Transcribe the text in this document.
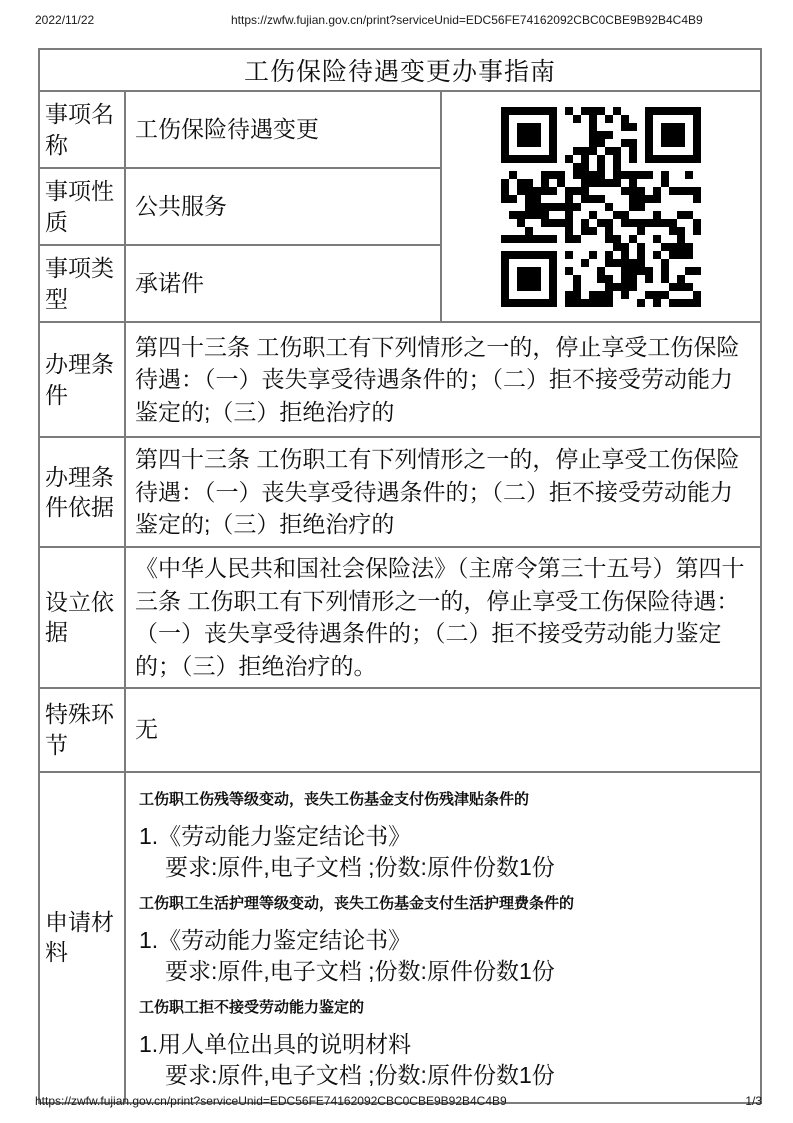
2022/11/22	https://zwfw.fujian.gov.cn/print?serviceUnid=EDC56FE74162092CBC0CBE9B92B4C4B9
工伤保险待遇变更办事指南		
事项名称	工伤保险待遇变更	

事项性质	公共服务	
事项类型	承诺件	
办理条件	第四十三条 工伤职工有下列情形之一的，停止享受工伤保险待遇：（一）丧失享受待遇条件的；（二）拒不接受劳动能力鉴定的;（三）拒绝治疗的	
办理条件依据	第四十三条 工伤职工有下列情形之一的，停止享受工伤保险待遇：（一）丧失享受待遇条件的；（二）拒不接受劳动能力鉴定的;（三）拒绝治疗的	
设立依据	《中华人民共和国社会保险法》（主席令第三十五号）第四十三条 工伤职工有下列情形之一的，停止享受工伤保险待遇：（一）丧失享受待遇条件的；（二）拒不接受劳动能力鉴定的；（三）拒绝治疗的。	
特殊环节	无	
申请材料	
工伤职工伤残等级变动，丧失工伤基金支付伤残津贴条件的
1.《劳动能力鉴定结论书》
要求:原件,电子文档 ;份数:原件份数1份
工伤职工生活护理等级变动，丧失工伤基金支付生活护理费条件的
1.《劳动能力鉴定结论书》
要求:原件,电子文档 ;份数:原件份数1份
工伤职工拒不接受劳动能力鉴定的
1.用人单位出具的说明材料
要求:原件,电子文档 ;份数:原件份数1份
https://zwfw.fujian.gov.cn/print?serviceUnid=EDC56FE74162092CBC0CBE9B92B4C4B9	1/3
